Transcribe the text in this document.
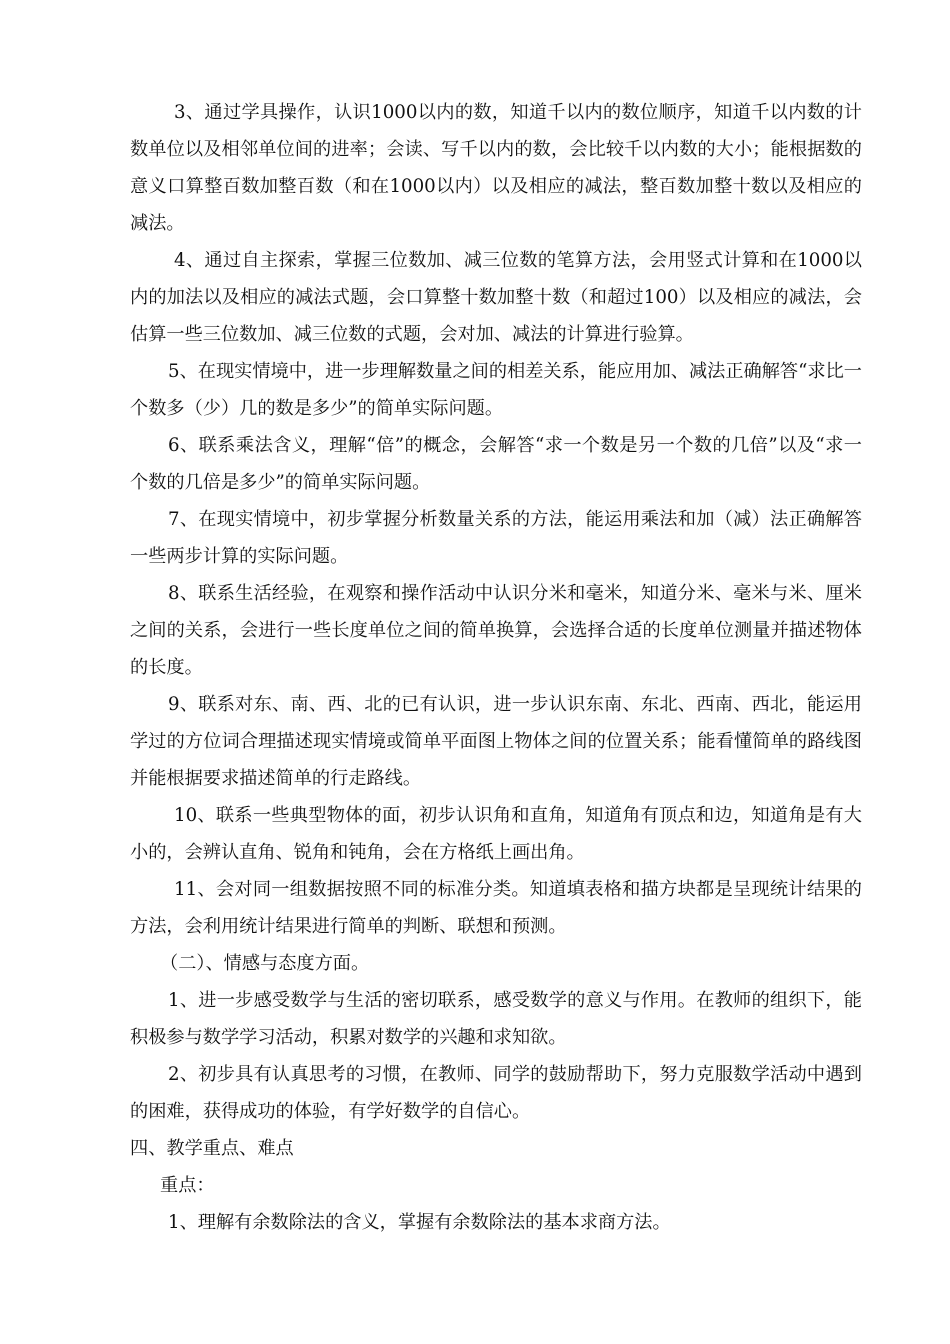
3、通过学具操作，认识1000以内的数，知道千以内的数位顺序，知道千以内数的计数单位以及相邻单位间的进率；会读、写千以内的数，会比较千以内数的大小；能根据数的意义口算整百数加整百数（和在1000以内）以及相应的减法，整百数加整十数以及相应的减法。

4、通过自主探索，掌握三位数加、减三位数的笔算方法，会用竖式计算和在1000以内的加法以及相应的减法式题，会口算整十数加整十数（和超过100）以及相应的减法，会估算一些三位数加、减三位数的式题，会对加、减法的计算进行验算。

5、在现实情境中，进一步理解数量之间的相差关系，能应用加、减法正确解答“求比一个数多（少）几的数是多少”的简单实际问题。

6、联系乘法含义，理解“倍”的概念，会解答“求一个数是另一个数的几倍”以及“求一个数的几倍是多少”的简单实际问题。

7、在现实情境中，初步掌握分析数量关系的方法，能运用乘法和加（减）法正确解答一些两步计算的实际问题。

8、联系生活经验，在观察和操作活动中认识分米和毫米，知道分米、毫米与米、厘米之间的关系，会进行一些长度单位之间的简单换算，会选择合适的长度单位测量并描述物体的长度。

9、联系对东、南、西、北的已有认识，进一步认识东南、东北、西南、西北，能运用学过的方位词合理描述现实情境或简单平面图上物体之间的位置关系；能看懂简单的路线图并能根据要求描述简单的行走路线。

10、联系一些典型物体的面，初步认识角和直角，知道角有顶点和边，知道角是有大小的，会辨认直角、锐角和钝角，会在方格纸上画出角。

11、会对同一组数据按照不同的标准分类。知道填表格和描方块都是呈现统计结果的方法，会利用统计结果进行简单的判断、联想和预测。

（二）、情感与态度方面。

1、进一步感受数学与生活的密切联系，感受数学的意义与作用。在教师的组织下，能积极参与数学学习活动，积累对数学的兴趣和求知欲。

2、初步具有认真思考的习惯，在教师、同学的鼓励帮助下，努力克服数学活动中遇到的困难，获得成功的体验，有学好数学的自信心。

四、教学重点、难点

重点：

1、理解有余数除法的含义，掌握有余数除法的基本求商方法。
